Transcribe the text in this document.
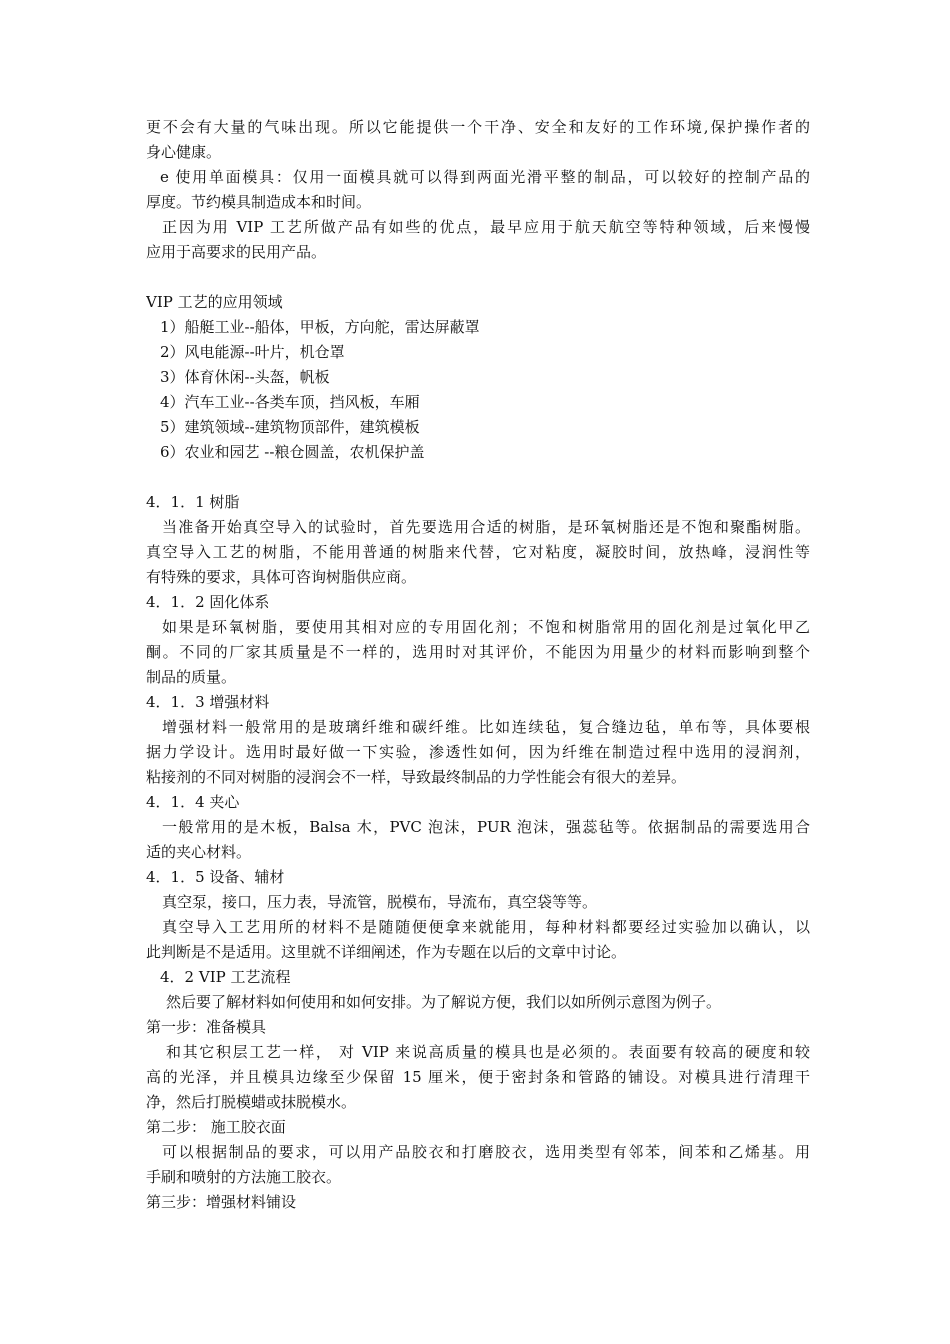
更不会有大量的气味出现。所以它能提供一个干净、安全和友好的工作环境,保护操作者的
身心健康。
e 使用单面模具：仅用一面模具就可以得到两面光滑平整的制品，可以较好的控制产品的
厚度。节约模具制造成本和时间。
正因为用 VIP 工艺所做产品有如些的优点，最早应用于航天航空等特种领域，后来慢慢
应用于高要求的民用产品。
VIP 工艺的应用领域
1）船艇工业--船体，甲板，方向舵，雷达屏蔽罩
2）风电能源--叶片，机仓罩
3）体育休闲--头盔，帆板
4）汽车工业--各类车顶，挡风板，车厢
5）建筑领域--建筑物顶部件，建筑模板
6）农业和园艺 --粮仓圆盖，农机保护盖
4．1．1 树脂
当准备开始真空导入的试验时，首先要选用合适的树脂，是环氧树脂还是不饱和聚酯树脂。
真空导入工艺的树脂，不能用普通的树脂来代替，它对粘度，凝胶时间，放热峰，浸润性等
有特殊的要求，具体可咨询树脂供应商。
4．1．2 固化体系
如果是环氧树脂，要使用其相对应的专用固化剂；不饱和树脂常用的固化剂是过氧化甲乙
酮。不同的厂家其质量是不一样的，选用时对其评价，不能因为用量少的材料而影响到整个
制品的质量。
4．1．3 增强材料
增强材料一般常用的是玻璃纤维和碳纤维。比如连续毡，复合缝边毡，单布等，具体要根
据力学设计。选用时最好做一下实验，渗透性如何，因为纤维在制造过程中选用的浸润剂，
粘接剂的不同对树脂的浸润会不一样，导致最终制品的力学性能会有很大的差异。
4．1．4 夹心
一般常用的是木板，Balsa 木，PVC 泡沫，PUR 泡沫，强蕊毡等。依据制品的需要选用合
适的夹心材料。
4．1．5 设备、辅材
真空泵，接口，压力表，导流管，脱模布，导流布，真空袋等等。
真空导入工艺用所的材料不是随随便便拿来就能用，每种材料都要经过实验加以确认，以
此判断是不是适用。这里就不详细阐述，作为专题在以后的文章中讨论。
4．2 VIP 工艺流程
然后要了解材料如何使用和如何安排。为了解说方便，我们以如所例示意图为例子。
第一步：准备模具
和其它积层工艺一样， 对 VIP 来说高质量的模具也是必须的。表面要有较高的硬度和较
高的光泽，并且模具边缘至少保留 15 厘米，便于密封条和管路的铺设。对模具进行清理干
净，然后打脱模蜡或抹脱模水。
第二步： 施工胶衣面
可以根据制品的要求，可以用产品胶衣和打磨胶衣，选用类型有邻苯，间苯和乙烯基。用
手刷和喷射的方法施工胶衣。
第三步：增强材料铺设
